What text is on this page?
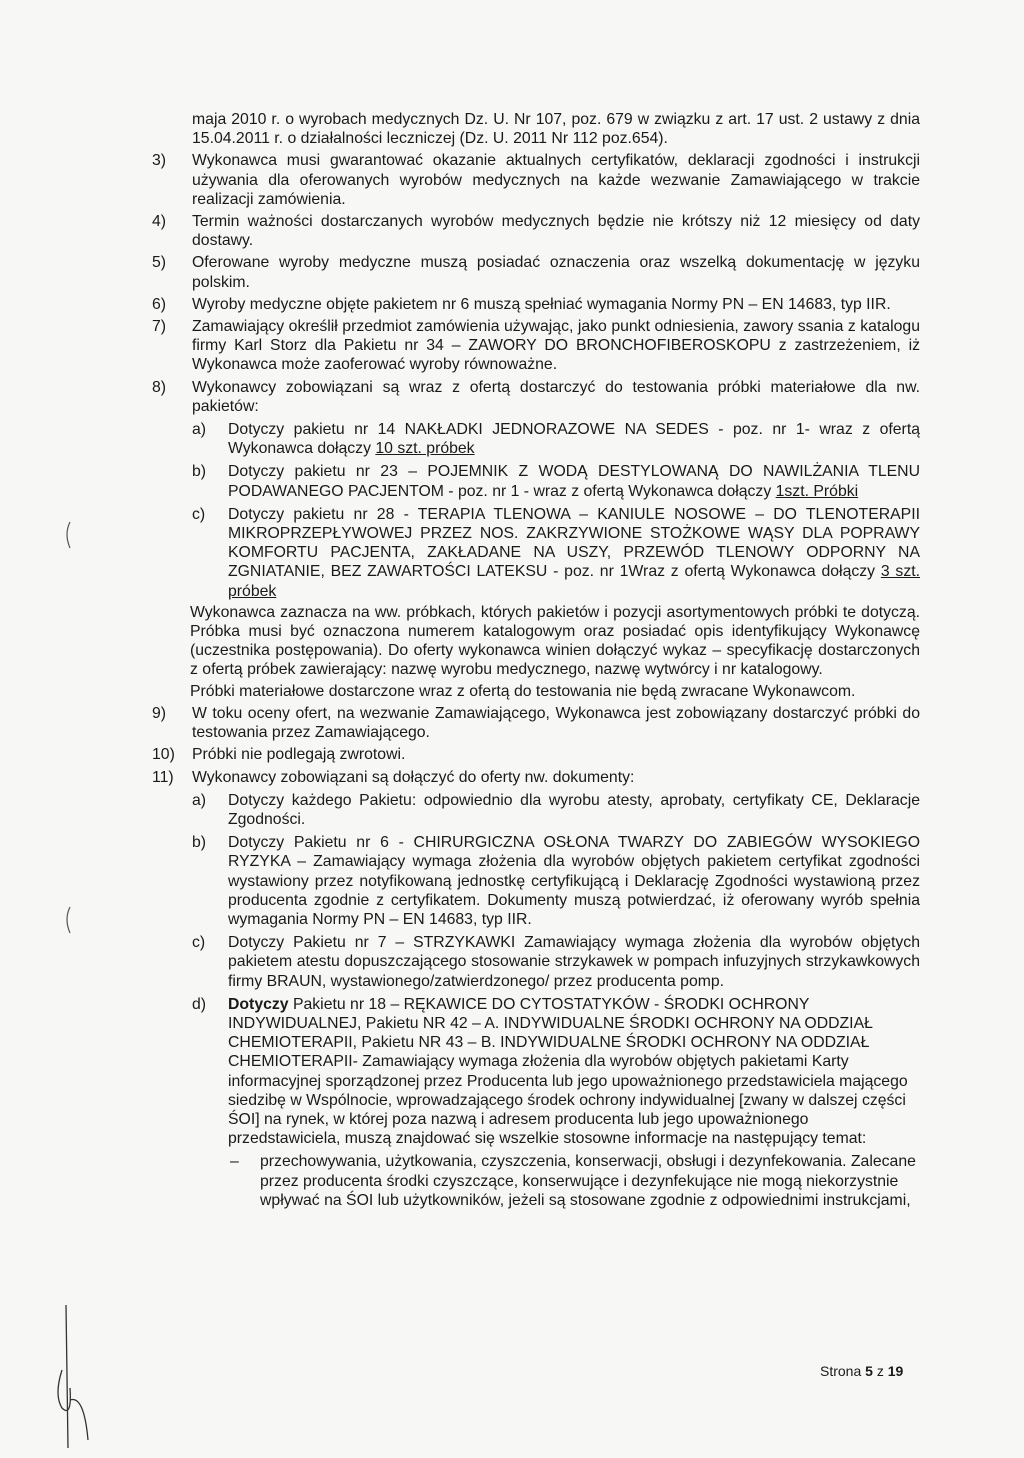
maja 2010 r. o wyrobach medycznych Dz. U. Nr 107, poz. 679 w związku z art. 17 ust. 2 ustawy z dnia 15.04.2011 r. o działalności leczniczej (Dz. U. 2011 Nr 112 poz.654).
3)	Wykonawca musi gwarantować okazanie aktualnych certyfikatów, deklaracji zgodności i instrukcji używania dla oferowanych wyrobów medycznych na każde wezwanie Zamawiającego w trakcie realizacji zamówienia.
4)	Termin ważności dostarczanych wyrobów medycznych będzie nie krótszy niż 12 miesięcy od daty dostawy.
5)	Oferowane wyroby medyczne muszą posiadać oznaczenia oraz wszelką dokumentację w języku polskim.
6)	Wyroby medyczne objęte pakietem nr 6 muszą spełniać wymagania Normy PN – EN 14683, typ IIR.
7)	Zamawiający określił przedmiot zamówienia używając, jako punkt odniesienia, zawory ssania z katalogu firmy Karl Storz dla Pakietu nr 34 – ZAWORY DO BRONCHOFIBEROSKOPU z zastrzeżeniem, iż Wykonawca może zaoferować wyroby równoważne.
8)	Wykonawcy zobowiązani są wraz z ofertą dostarczyć do testowania próbki materiałowe dla nw. pakietów:
a)	Dotyczy pakietu nr 14 NAKŁADKI JEDNORAZOWE NA SEDES - poz. nr 1- wraz z ofertą Wykonawca dołączy 10 szt. próbek
b)	Dotyczy pakietu nr 23 – POJEMNIK Z WODĄ DESTYLOWANĄ DO NAWILŻANIA TLENU PODAWANEGO PACJENTOM - poz. nr 1 - wraz z ofertą Wykonawca dołączy 1szt. Próbki
c)	Dotyczy pakietu nr 28 - TERAPIA TLENOWA – KANIULE NOSOWE – DO TLENOTERAPII MIKROPRZEPŁYWOWEJ PRZEZ NOS. ZAKRZYWIONE STOŻKOWE WĄSY DLA POPRAWY KOMFORTU PACJENTA, ZAKŁADANE NA USZY, PRZEWÓD TLENOWY ODPORNY NA ZGNIATANIE, BEZ ZAWARTOŚCI LATEKSU - poz. nr 1Wraz z ofertą Wykonawca dołączy 3 szt. próbek
Wykonawca zaznacza na ww. próbkach, których pakietów i pozycji asortymentowych próbki te dotyczą. Próbka musi być oznaczona numerem katalogowym oraz posiadać opis identyfikujący Wykonawcę (uczestnika postępowania). Do oferty wykonawca winien dołączyć wykaz – specyfikację dostarczonych z ofertą próbek zawierający: nazwę wyrobu medycznego, nazwę wytwórcy i nr katalogowy.
Próbki materiałowe dostarczone wraz z ofertą do testowania nie będą zwracane Wykonawcom.
9)	W toku oceny ofert, na wezwanie Zamawiającego, Wykonawca jest zobowiązany dostarczyć próbki do testowania przez Zamawiającego.
10)	Próbki nie podlegają zwrotowi.
11)	Wykonawcy zobowiązani są dołączyć do oferty nw. dokumenty:
a)	Dotyczy każdego Pakietu: odpowiednio dla wyrobu atesty, aprobaty, certyfikaty CE, Deklaracje Zgodności.
b)	Dotyczy Pakietu nr 6 - CHIRURGICZNA OSŁONA TWARZY DO ZABIEGÓW WYSOKIEGO RYZYKA – Zamawiający wymaga złożenia dla wyrobów objętych pakietem certyfikat zgodności wystawiony przez notyfikowaną jednostkę certyfikującą i Deklarację Zgodności wystawioną przez producenta zgodnie z certyfikatem. Dokumenty muszą potwierdzać, iż oferowany wyrób spełnia wymagania Normy PN – EN 14683, typ IIR.
c)	Dotyczy Pakietu nr 7 – STRZYKAWKI Zamawiający wymaga złożenia dla wyrobów objętych pakietem atestu dopuszczającego stosowanie strzykawek w pompach infuzyjnych strzykawkowych firmy BRAUN, wystawionego/zatwierdzonego/ przez producenta pomp.
d)	Dotyczy Pakietu nr 18 – RĘKAWICE DO CYTOSTATYKÓW - ŚRODKI OCHRONY INDYWIDUALNEJ, Pakietu NR 42 – A. INDYWIDUALNE ŚRODKI OCHRONY NA ODDZIAŁ CHEMIOTERAPII, Pakietu NR 43 – B. INDYWIDUALNE ŚRODKI OCHRONY NA ODDZIAŁ CHEMIOTERAPII- Zamawiający wymaga złożenia dla wyrobów objętych pakietami Karty informacyjnej sporządzonej przez Producenta lub jego upoważnionego przedstawiciela mającego siedzibę w Wspólnocie, wprowadzającego środek ochrony indywidualnej [zwany w dalszej części ŚOI] na rynek, w której poza nazwą i adresem producenta lub jego upoważnionego przedstawiciela, muszą znajdować się wszelkie stosowne informacje na następujący temat:
–	przechowywania, użytkowania, czyszczenia, konserwacji, obsługi i dezynfekowania. Zalecane przez producenta środki czyszczące, konserwujące i dezynfekujące nie mogą niekorzystnie wpływać na ŚOI lub użytkowników, jeżeli są stosowane zgodnie z odpowiednimi instrukcjami,
Strona 5 z 19
